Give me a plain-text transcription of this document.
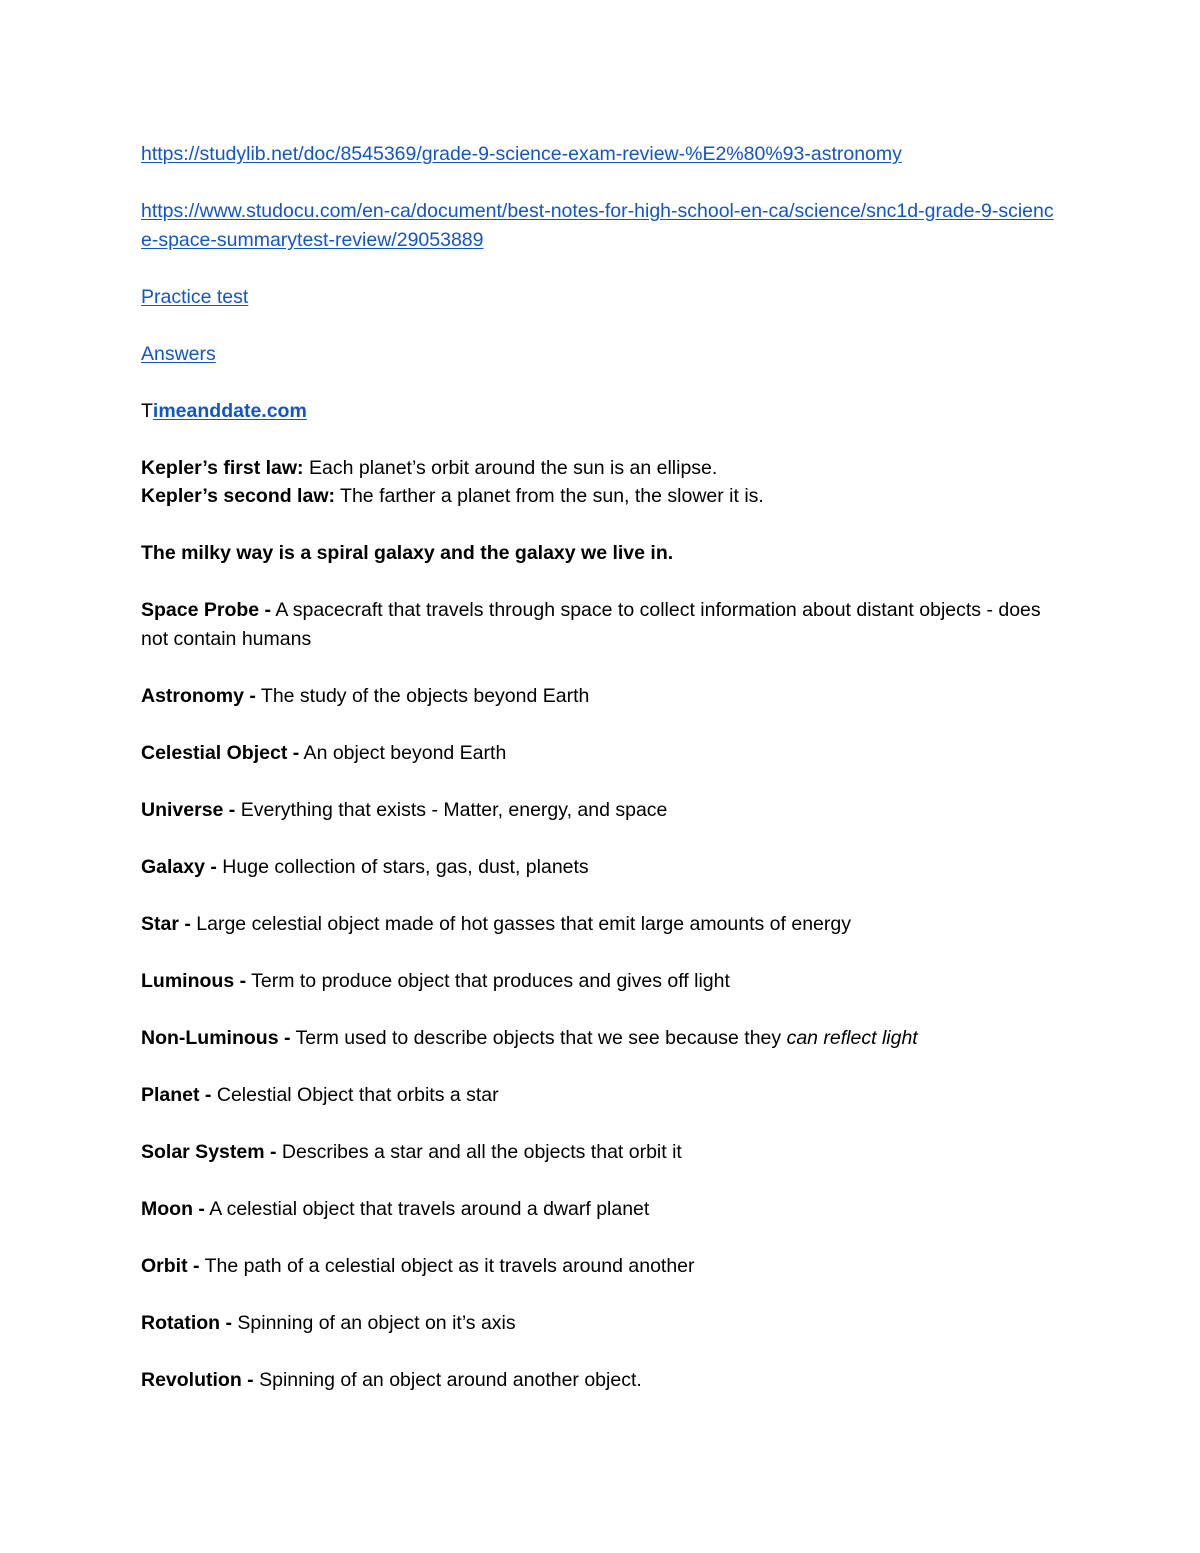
https://studylib.net/doc/8545369/grade-9-science-exam-review-%E2%80%93-astronomy

https://www.studocu.com/en-ca/document/best-notes-for-high-school-en-ca/science/snc1d-grade-9-science-space-summarytest-review/29053889

Practice test

Answers

Timeanddate.com

Kepler’s first law: Each planet’s orbit around the sun is an ellipse.

Kepler’s second law: The farther a planet from the sun, the slower it is.

The milky way is a spiral galaxy and the galaxy we live in.

Space Probe - A spacecraft that travels through space to collect information about distant objects - does not contain humans

Astronomy - The study of the objects beyond Earth

Celestial Object - An object beyond Earth

Universe - Everything that exists - Matter, energy, and space

Galaxy - Huge collection of stars, gas, dust, planets

Star - Large celestial object made of hot gasses that emit large amounts of energy

Luminous - Term to produce object that produces and gives off light

Non-Luminous - Term used to describe objects that we see because they can reflect light

Planet - Celestial Object that orbits a star

Solar System - Describes a star and all the objects that orbit it

Moon - A celestial object that travels around a dwarf planet

Orbit - The path of a celestial object as it travels around another

Rotation - Spinning of an object on it’s axis

Revolution - Spinning of an object around another object.
